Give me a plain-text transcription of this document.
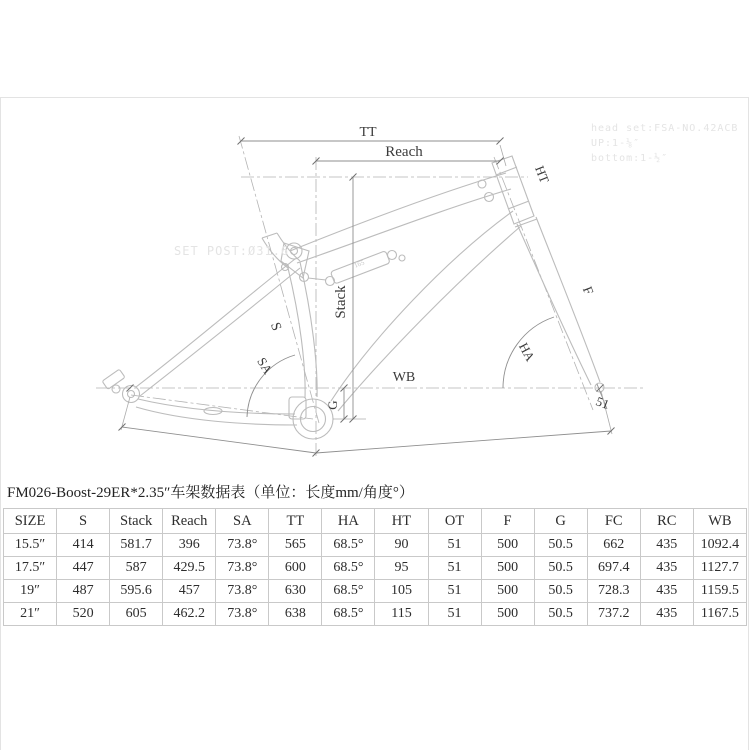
TT
Reach
HT
F
HA
51
WB
Stack
S
SA
G
165
head set:FSA-NO.42ACB
UP:1-⅛″
bottom:1-½″
SET POST:Ø31.6
FM026-Boost-29ER*2.35″车架数据表（单位：长度mm/角度°）
SIZE	S	Stack	Reach	SA	TT	HA	HT	OT	F	G	FC	RC	WB
15.5″	414	581.7	396	73.8°	565	68.5°	90	51	500	50.5	662	435	1092.4
17.5″	447	587	429.5	73.8°	600	68.5°	95	51	500	50.5	697.4	435	1127.7
19″	487	595.6	457	73.8°	630	68.5°	105	51	500	50.5	728.3	435	1159.5
21″	520	605	462.2	73.8°	638	68.5°	115	51	500	50.5	737.2	435	1167.5
